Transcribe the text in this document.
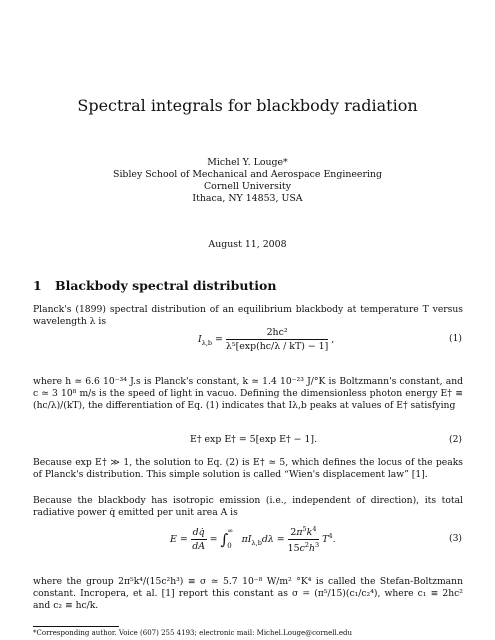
Spectral integrals for blackbody radiation
Michel Y. Louge*
Sibley School of Mechanical and Aerospace Engineering
Cornell University
Ithaca, NY 14853, USA
August 11, 2008
1 Blackbody spectral distribution
Planck's (1899) spectral distribution of an equilibrium blackbody at temperature T versus wavelength λ is
$I_{\lambda,b} = \frac{\text{2hc²}}{\text{λ⁵[exp(hc/λ / kT) − 1]}}$ ,	(1)
where h ≃ 6.6 10⁻³⁴ J.s is Planck's constant, k ≃ 1.4 10⁻²³ J/°K is Boltzmann's constant, and c ≃ 3 10⁸ m/s is the speed of light in vacuo. Defining the dimensionless photon energy E† ≡ (hc/λ)/(kT), the differentiation of Eq. (1) indicates that Iλ,b peaks at values of E† satisfying
E† exp E† = 5[exp E† − 1].	(2)
Because exp E† ≫ 1, the solution to Eq. (2) is E† ≃ 5, which defines the locus of the peaks of Planck's distribution. This simple solution is called “Wien's displacement law” [1].
Because the blackbody has isotropic emission (i.e., independent of direction), its total radiative power q̇ emitted per unit area A is
$E = \frac{dq̇}{dA} = \int^\infty_0$ $\pi I_{\lambda,b}d\lambda = \frac{2\pi^5k^4}{15c^2h^3} T^4$.	(3)
where the group 2π⁵k⁴/(15c²h³) ≡ σ ≃ 5.7 10⁻⁸ W/m² °K⁴ is called the Stefan-Boltzmann constant. Incropera, et al. [1] report this constant as σ = (π⁵/15)(c₁/c₂⁴), where c₁ ≡ 2hc² and c₂ ≡ hc/k.
*Corresponding author. Voice (607) 255 4193; electronic mail: Michel.Louge@cornell.edu
